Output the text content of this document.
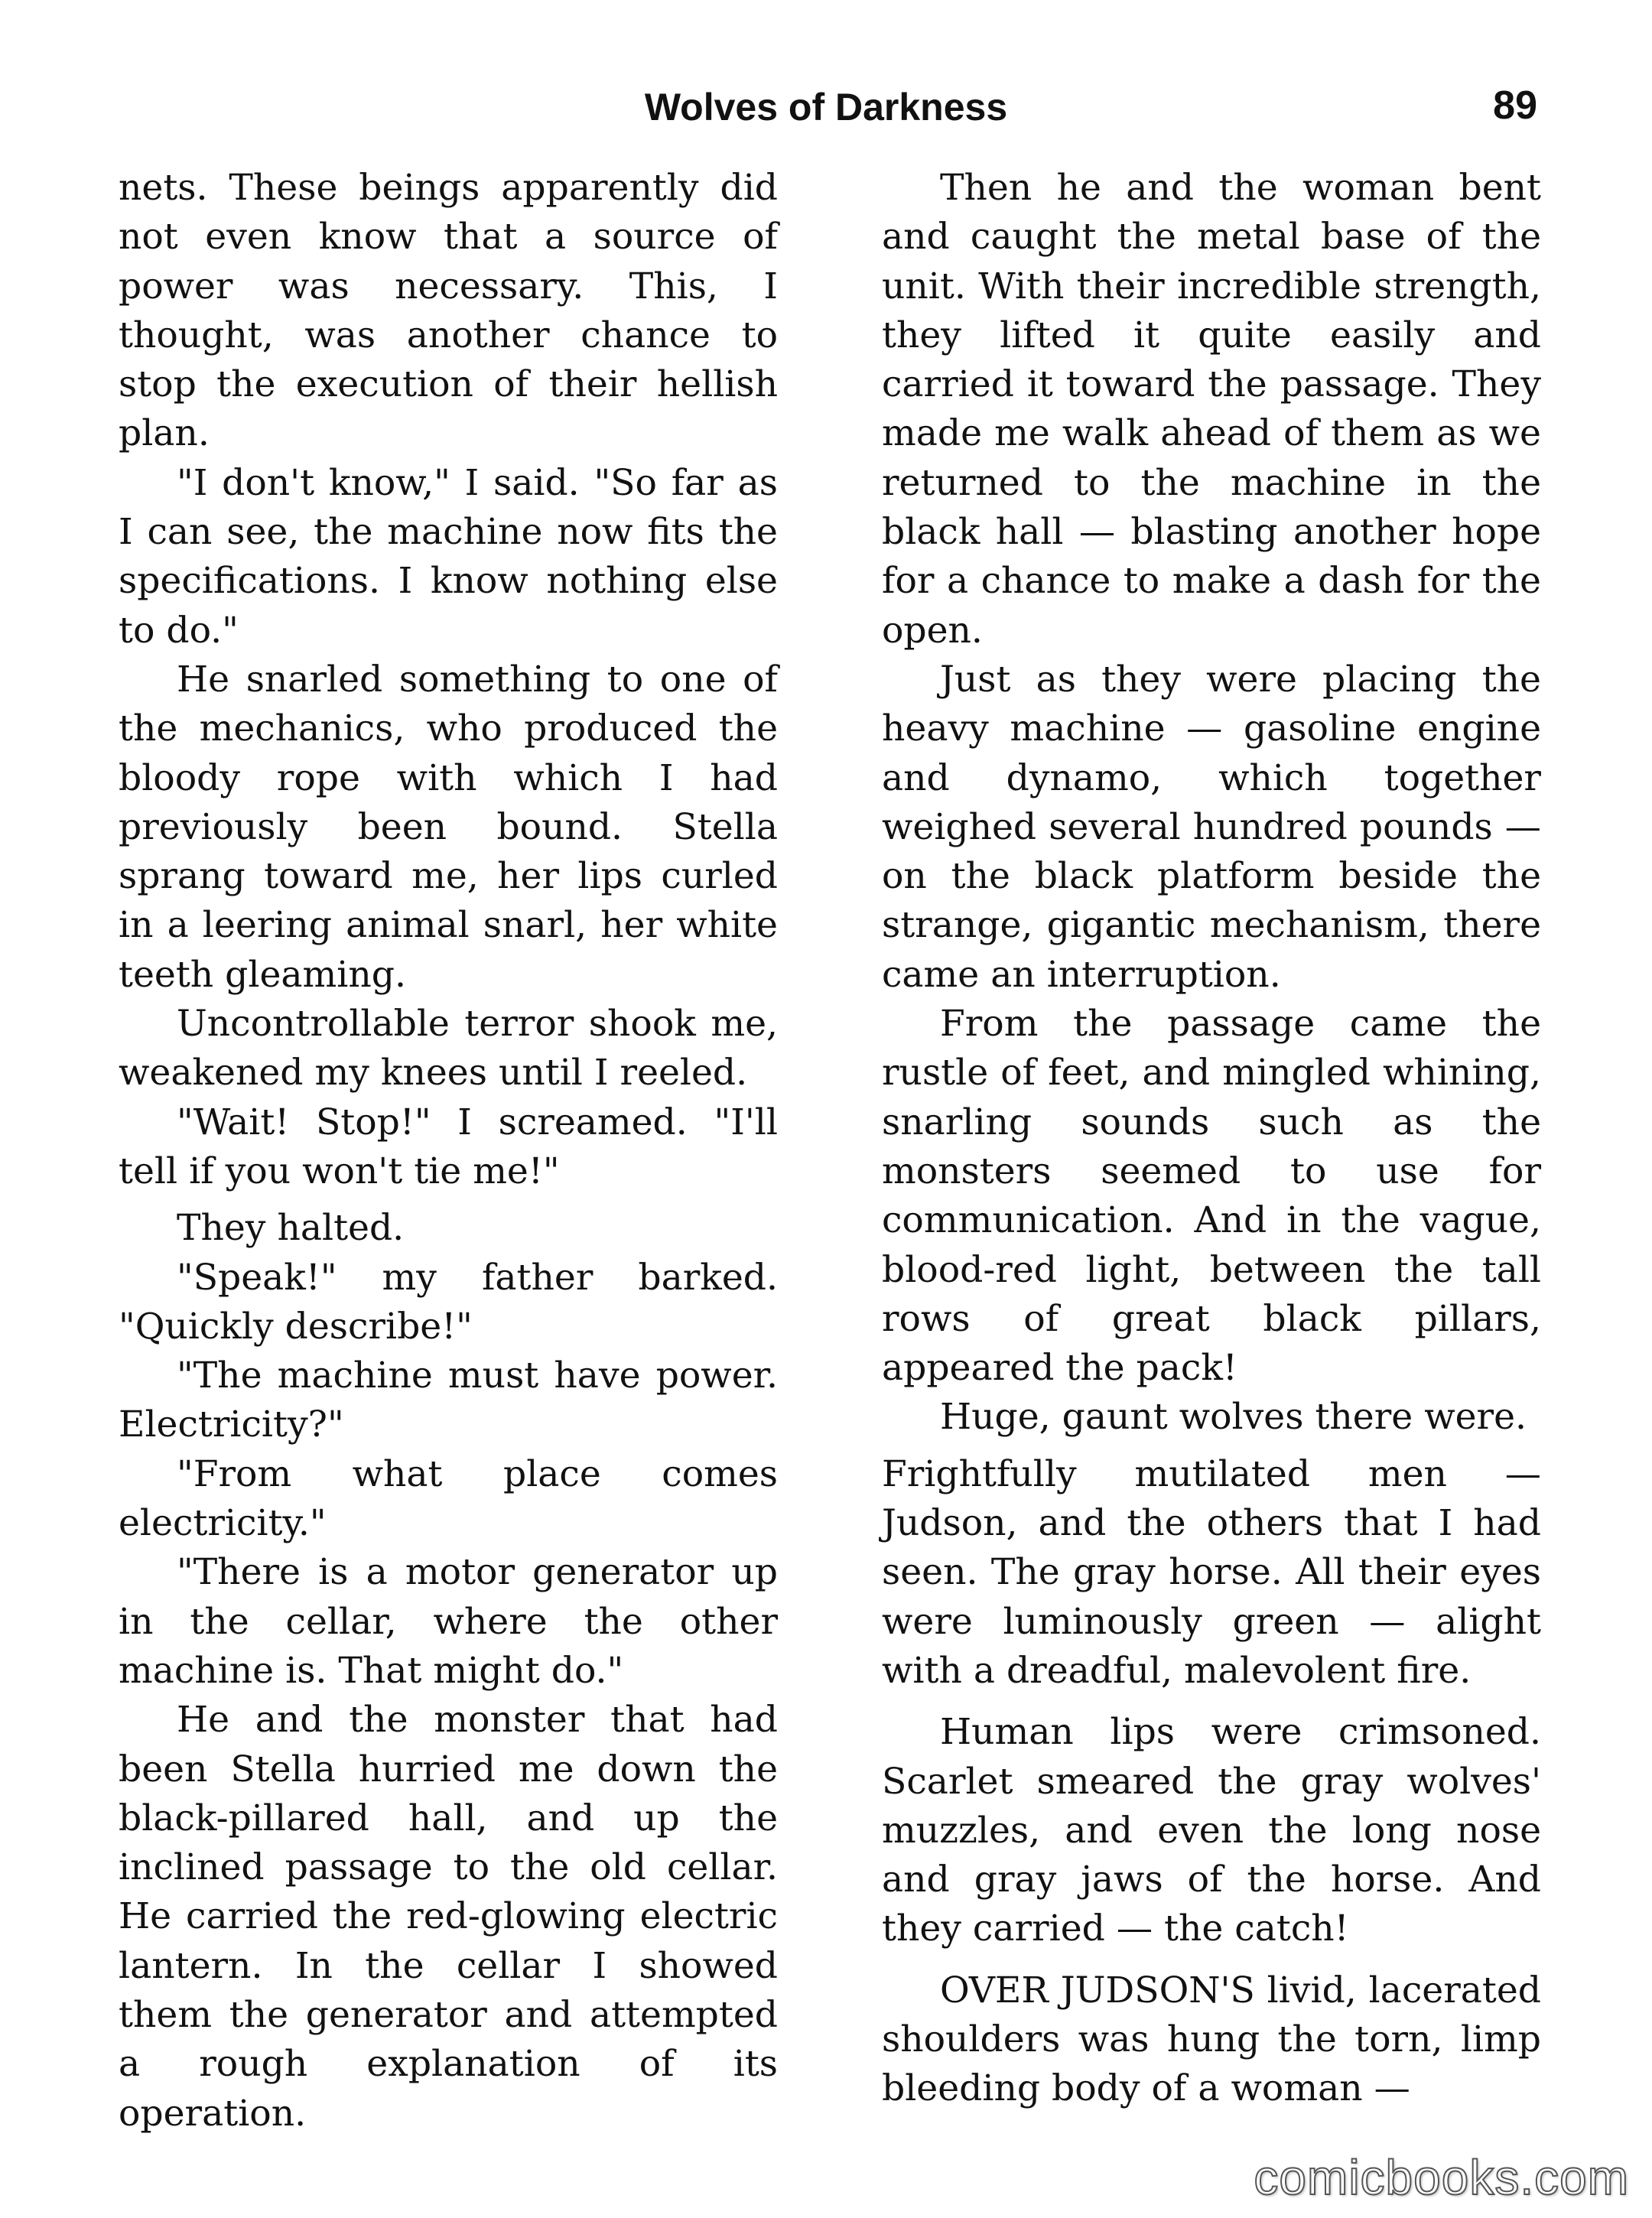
Wolves of Darkness	89

nets. These beings apparently did not even know that a source of power was necessary. This, I thought, was another chance to stop the execution of their hellish plan.

"I don't know," I said. "So far as I can see, the machine now fits the specifications. I know nothing else to do."

He snarled something to one of the mechanics, who produced the bloody rope with which I had previously been bound. Stella sprang toward me, her lips curled in a leering animal snarl, her white teeth gleaming.

Uncontrollable terror shook me, weakened my knees until I reeled.

"Wait! Stop!" I screamed. "I'll tell if you won't tie me!"

They halted.

"Speak!" my father barked. "Quickly describe!"

"The machine must have power. Electricity?"

"From what place comes electricity."

"There is a motor generator up in the cellar, where the other machine is. That might do."

He and the monster that had been Stella hurried me down the black-pillared hall, and up the inclined passage to the old cellar. He carried the red-glowing electric lantern. In the cellar I showed them the generator and attempted a rough explanation of its operation.

Then he and the woman bent and caught the metal base of the unit. With their incredible strength, they lifted it quite easily and carried it toward the passage. They made me walk ahead of them as we returned to the machine in the black hall — blasting another hope for a chance to make a dash for the open.

Just as they were placing the heavy machine — gasoline engine and dynamo, which together weighed several hundred pounds — on the black platform beside the strange, gigantic mechanism, there came an interruption.

From the passage came the rustle of feet, and mingled whining, snarling sounds such as the monsters seemed to use for communication. And in the vague, blood-red light, between the tall rows of great black pillars, appeared the pack!

Huge, gaunt wolves there were.

Frightfully mutilated men — Judson, and the others that I had seen. The gray horse. All their eyes were luminously green — alight with a dreadful, malevolent fire.

Human lips were crimsoned. Scarlet smeared the gray wolves' muzzles, and even the long nose and gray jaws of the horse. And they carried — the catch!

OVER JUDSON'S livid, lacerated shoulders was hung the torn, limp bleeding body of a woman —

comicbooks.com
